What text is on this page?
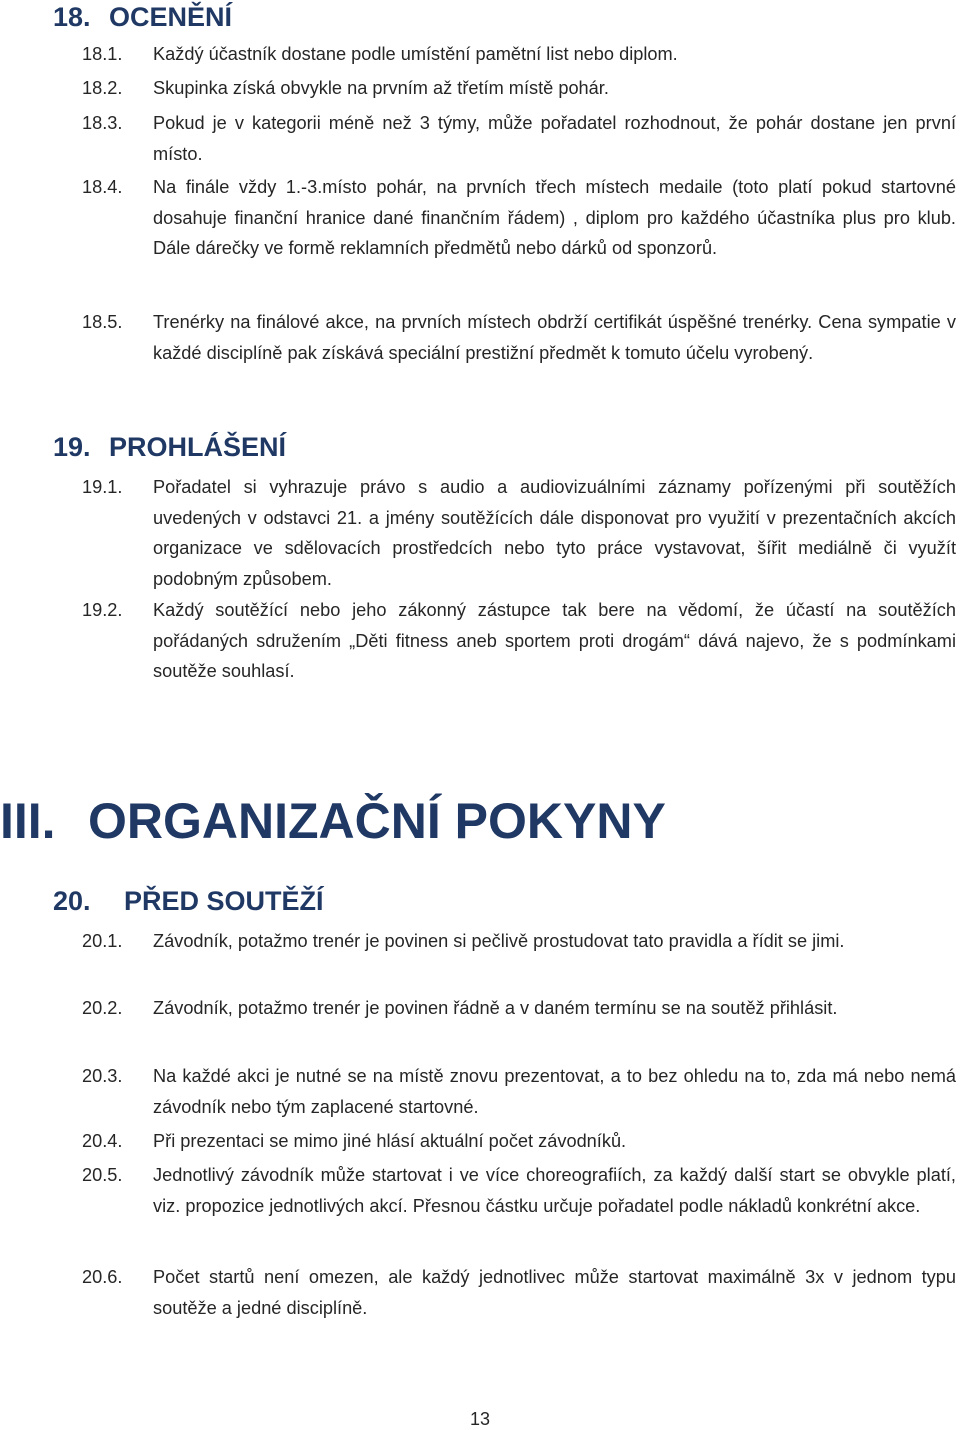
18. OCENĚNÍ
18.1. Každý účastník dostane podle umístění pamětní list nebo diplom.
18.2. Skupinka získá obvykle na prvním až třetím místě pohár.
18.3. Pokud je v kategorii méně než 3 týmy, může pořadatel rozhodnout, že pohár dostane jen první místo.
18.4. Na finále vždy 1.-3.místo pohár, na prvních třech místech medaile (toto platí pokud startovné dosahuje finanční hranice dané finančním řádem) , diplom pro každého účastníka plus pro klub. Dále dárečky ve formě reklamních předmětů nebo dárků od sponzorů.
18.5. Trenérky na finálové akce, na prvních místech obdrží certifikát úspěšné trenérky. Cena sympatie v každé disciplíně pak získává speciální prestižní předmět k tomuto účelu vyrobený.
19. PROHLÁŠENÍ
19.1. Pořadatel si vyhrazuje právo s audio a audiovizuálními záznamy pořízenými při soutěžích uvedených v odstavci 21. a jmény soutěžících dále disponovat pro využití v prezentačních akcích organizace ve sdělovacích prostředcích nebo tyto práce vystavovat, šířit mediálně či využít podobným způsobem.
19.2. Každý soutěžící nebo jeho zákonný zástupce tak bere na vědomí, že účastí na soutěžích pořádaných sdružením „Děti fitness aneb sportem proti drogám“ dává najevo, že s podmínkami soutěže souhlasí.
III. ORGANIZAČNÍ POKYNY
20. PŘED SOUTĚŽÍ
20.1. Závodník, potažmo trenér je povinen si pečlivě prostudovat tato pravidla a řídit se jimi.
20.2. Závodník, potažmo trenér je povinen řádně a v daném termínu se na soutěž přihlásit.
20.3. Na každé akci je nutné se na místě znovu prezentovat, a to bez ohledu na to, zda má nebo nemá závodník nebo tým zaplacené startovné.
20.4. Při prezentaci se mimo jiné hlásí aktuální počet závodníků.
20.5. Jednotlivý závodník může startovat i ve více choreografiích, za každý další start se obvykle platí, viz. propozice jednotlivých akcí. Přesnou částku určuje pořadatel podle nákladů konkrétní akce.
20.6. Počet startů není omezen, ale každý jednotlivec může startovat maximálně 3x v jednom typu soutěže a jedné disciplíně.
13
